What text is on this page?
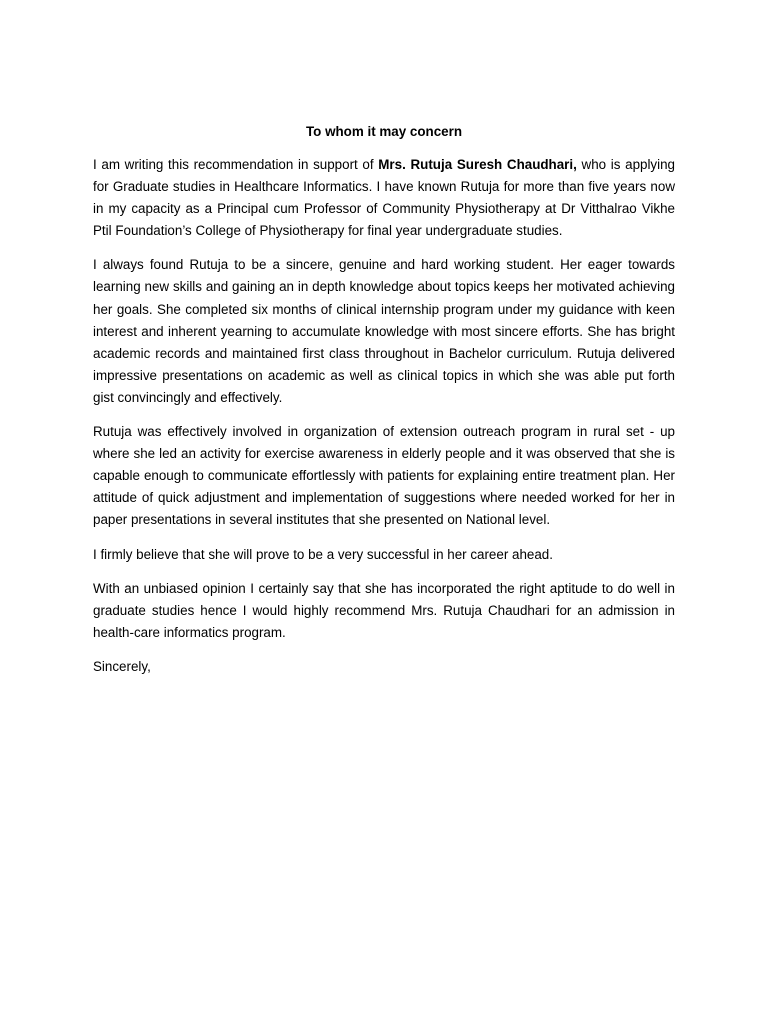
To whom it may concern

I am writing this recommendation in support of Mrs. Rutuja Suresh Chaudhari, who is applying for Graduate studies in Healthcare Informatics. I have known Rutuja for more than five years now in my capacity as a Principal cum Professor of Community Physiotherapy at Dr Vitthalrao Vikhe Ptil Foundation’s College of Physiotherapy for final year undergraduate studies.

I always found Rutuja to be a sincere, genuine and hard working student. Her eager towards learning new skills and gaining an in depth knowledge about topics keeps her motivated achieving her goals. She completed six months of clinical internship program under my guidance with keen interest and inherent yearning to accumulate knowledge with most sincere efforts. She has bright academic records and maintained first class throughout in Bachelor curriculum. Rutuja delivered impressive presentations on academic as well as clinical topics in which she was able put forth gist convincingly and effectively.

Rutuja was effectively involved in organization of extension outreach program in rural set - up where she led an activity for exercise awareness in elderly people and it was observed that she is capable enough to communicate effortlessly with patients for explaining entire treatment plan. Her attitude of quick adjustment and implementation of suggestions where needed worked for her in paper presentations in several institutes that she presented on National level.

I firmly believe that she will prove to be a very successful in her career ahead.

With an unbiased opinion I certainly say that she has incorporated the right aptitude to do well in graduate studies hence I would highly recommend Mrs. Rutuja Chaudhari for an admission in health-care informatics program.

Sincerely,
